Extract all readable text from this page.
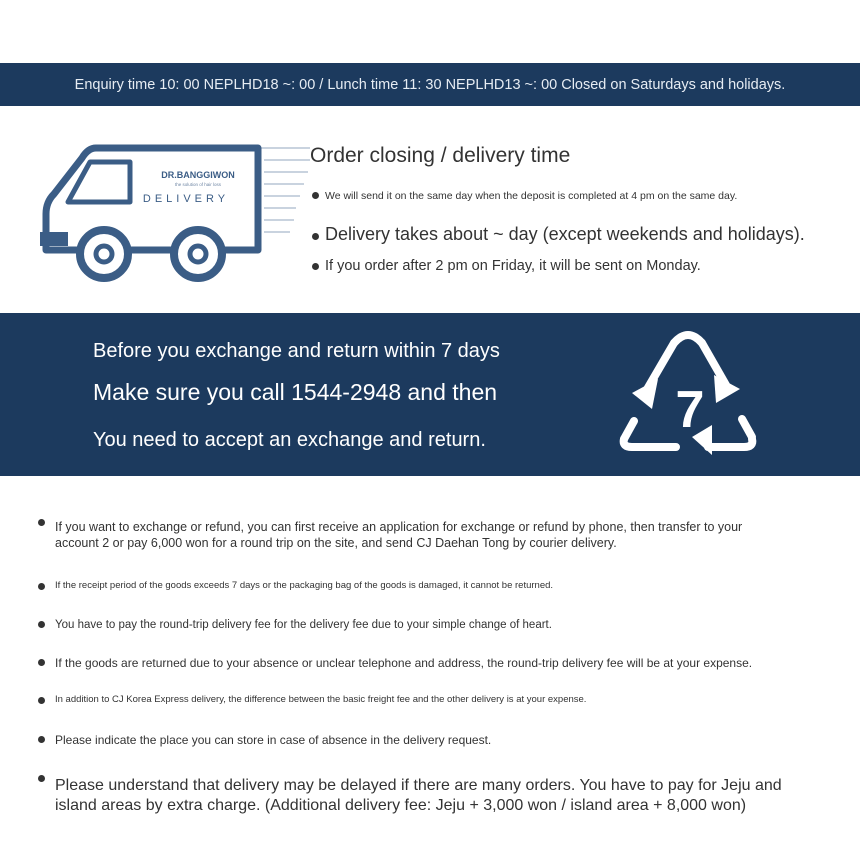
Enquiry time 10: 00 NEPLHD18 ~: 00 / Lunch time 11: 30 NEPLHD13 ~: 00 Closed on Saturdays and holidays.
DR.BANGGIWON
the solution of hair loss
DELIVERY
Order closing / delivery time
We will send it on the same day when the deposit is completed at 4 pm on the same day.
Delivery takes about ~ day (except weekends and holidays).
If you order after 2 pm on Friday, it will be sent on Monday.
Before you exchange and return within 7 days
Make sure you call 1544-2948 and then
You need to accept an exchange and return.
7
If you want to exchange or refund, you can first receive an application for exchange or refund by phone, then transfer to your account 2 or pay 6,000 won for a round trip on the site, and send CJ Daehan Tong by courier delivery.
If the receipt period of the goods exceeds 7 days or the packaging bag of the goods is damaged, it cannot be returned.
You have to pay the round-trip delivery fee for the delivery fee due to your simple change of heart.
If the goods are returned due to your absence or unclear telephone and address, the round-trip delivery fee will be at your expense.
In addition to CJ Korea Express delivery, the difference between the basic freight fee and the other delivery is at your expense.
Please indicate the place you can store in case of absence in the delivery request.
Please understand that delivery may be delayed if there are many orders. You have to pay for Jeju and island areas by extra charge. (Additional delivery fee: Jeju + 3,000 won / island area + 8,000 won)
